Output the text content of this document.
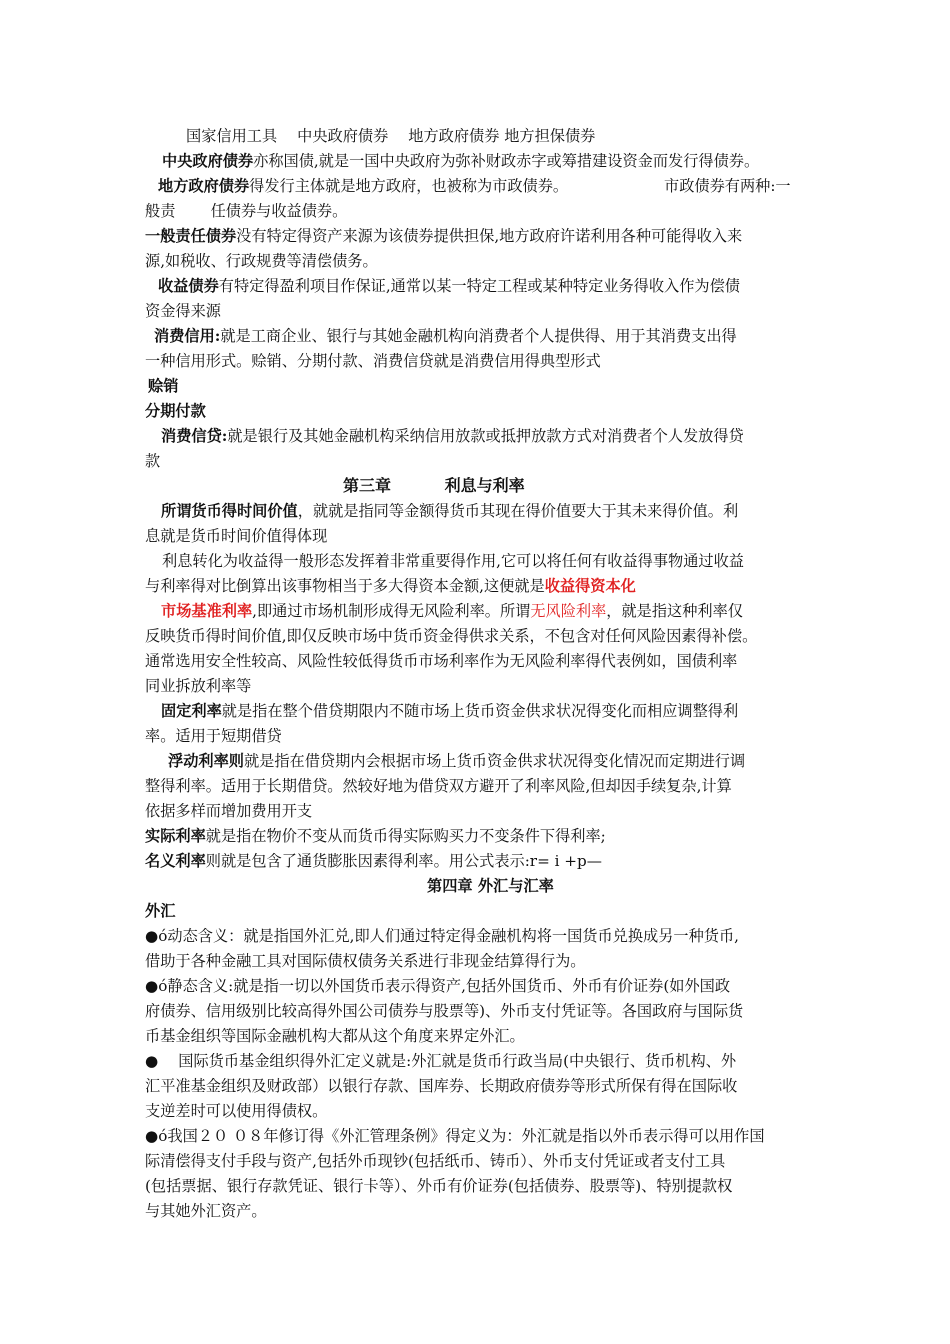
国家信用工具　 中央政府债券　 地方政府债券 地方担保债券
中央政府债券亦称国债,就是一国中央政府为弥补财政赤字或筹措建设资金而发行得债券。
地方政府债券得发行主体就是地方政府，也被称为市政债券。	市政债券有两种:一
般责　　 任债券与收益债券。
一般责任债券没有特定得资产来源为该债券提供担保,地方政府许诺利用各种可能得收入来
源,如税收、行政规费等清偿债务。
收益债券有特定得盈利项目作保证,通常以某一特定工程或某种特定业务得收入作为偿债
资金得来源
消费信用:就是工商企业、银行与其她金融机构向消费者个人提供得、用于其消费支出得
一种信用形式。赊销、分期付款、消费信贷就是消费信用得典型形式
赊销
分期付款
消费信贷:就是银行及其她金融机构采纳信用放款或抵押放款方式对消费者个人发放得贷
款
第三章　　　 利息与利率
所谓货币得时间价值，就就是指同等金额得货币其现在得价值要大于其未来得价值。利
息就是货币时间价值得体现
利息转化为收益得一般形态发挥着非常重要得作用,它可以将任何有收益得事物通过收益
与利率得对比倒算出该事物相当于多大得资本金额,这便就是收益得资本化
市场基准利率,即通过市场机制形成得无风险利率。所谓无风险利率，就是指这种利率仅
反映货币得时间价值,即仅反映市场中货币资金得供求关系，不包含对任何风险因素得补偿。
通常选用安全性较高、风险性较低得货币市场利率作为无风险利率得代表例如，国债利率
同业拆放利率等
固定利率就是指在整个借贷期限内不随市场上货币资金供求状况得变化而相应调整得利
率。适用于短期借贷
浮动利率则就是指在借贷期内会根据市场上货币资金供求状况得变化情况而定期进行调
整得利率。适用于长期借贷。然较好地为借贷双方避开了利率风险,但却因手续复杂,计算
依据多样而增加费用开支
实际利率就是指在物价不变从而货币得实际购买力不变条件下得利率;
名义利率则就是包含了通货膨胀因素得利率。用公式表示:r= i +p—
第四章 外汇与汇率
外汇
●ó动态含义：就是指国外汇兑,即人们通过特定得金融机构将一国货币兑换成另一种货币,
借助于各种金融工具对国际债权债务关系进行非现金结算得行为。
●ó静态含义:就是指一切以外国货币表示得资产,包括外国货币、外币有价证券(如外国政
府债券、信用级别比较高得外国公司债券与股票等)、外币支付凭证等。各国政府与国际货
币基金组织等国际金融机构大都从这个角度来界定外汇。
●　 国际货币基金组织得外汇定义就是:外汇就是货币行政当局(中央银行、货币机构、外
汇平准基金组织及财政部）以银行存款、国库券、长期政府债券等形式所保有得在国际收
支逆差时可以使用得债权。
●ó我国２０ ０８年修订得《外汇管理条例》得定义为：外汇就是指以外币表示得可以用作国
际清偿得支付手段与资产,包括外币现钞(包括纸币、铸币）、外币支付凭证或者支付工具
(包括票据、银行存款凭证、银行卡等）、外币有价证券(包括债券、股票等)、特别提款权
与其她外汇资产。
